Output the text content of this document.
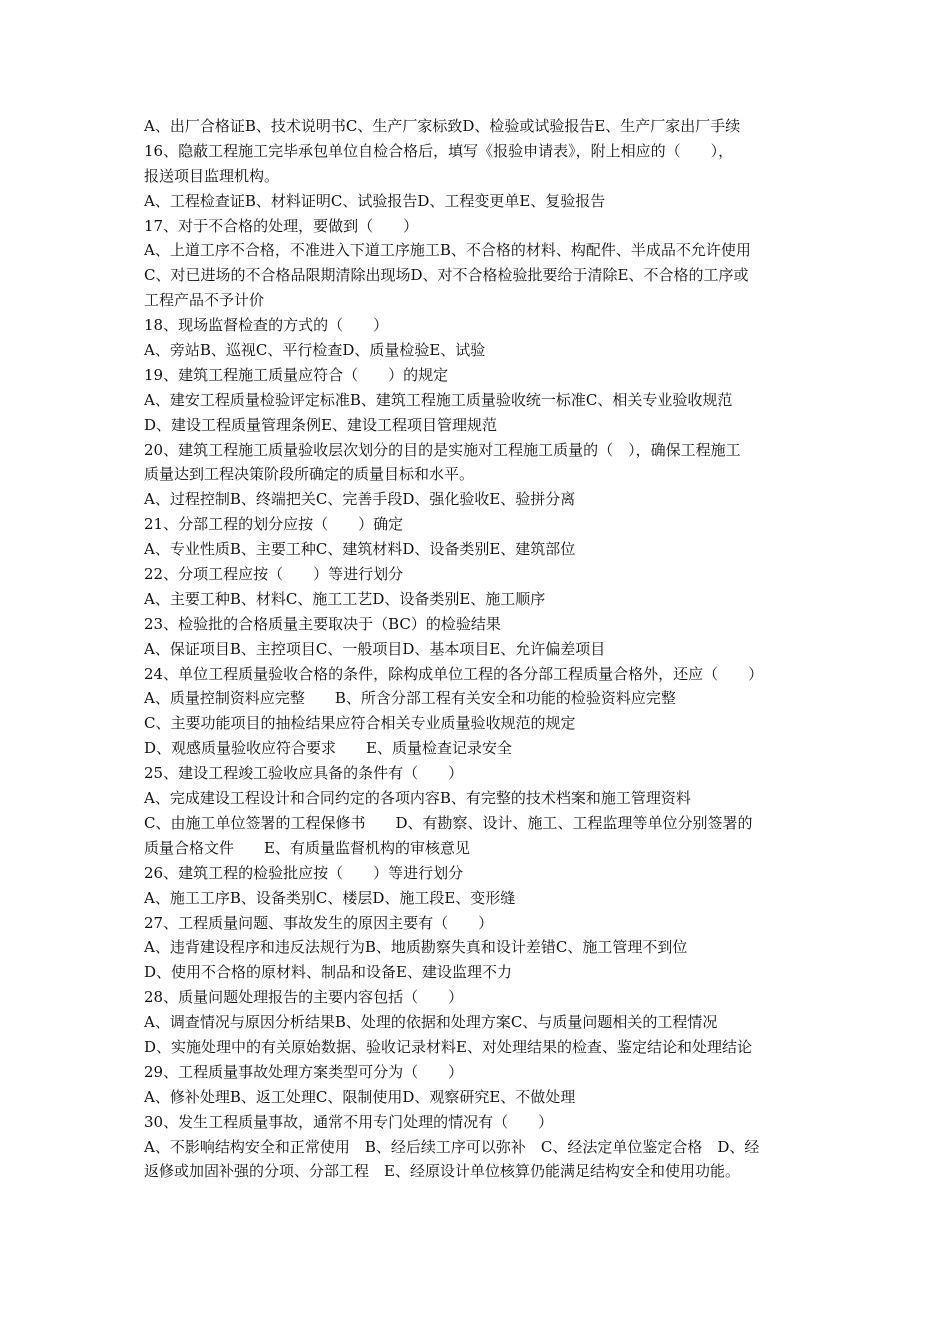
A、出厂合格证B、技术说明书C、生产厂家标致D、检验或试验报告E、生产厂家出厂手续
16、隐蔽工程施工完毕承包单位自检合格后，填写《报验申请表》，附上相应的（　　），
报送项目监理机构。
A、工程检查证B、材料证明C、试验报告D、工程变更单E、复验报告
17、对于不合格的处理，要做到（　　）
A、上道工序不合格，不准进入下道工序施工B、不合格的材料、构配件、半成品不允许使用
C、对已进场的不合格品限期清除出现场D、对不合格检验批要给于清除E、不合格的工序或
工程产品不予计价
18、现场监督检查的方式的（　　）
A、旁站B、巡视C、平行检查D、质量检验E、试验
19、建筑工程施工质量应符合（　　）的规定
A、建安工程质量检验评定标准B、建筑工程施工质量验收统一标准C、相关专业验收规范
D、建设工程质量管理条例E、建设工程项目管理规范
20、建筑工程施工质量验收层次划分的目的是实施对工程施工质量的（　），确保工程施工
质量达到工程决策阶段所确定的质量目标和水平。
A、过程控制B、终端把关C、完善手段D、强化验收E、验拼分离
21、分部工程的划分应按（　　）确定
A、专业性质B、主要工种C、建筑材料D、设备类别E、建筑部位
22、分项工程应按（　　）等进行划分
A、主要工种B、材料C、施工工艺D、设备类别E、施工顺序
23、检验批的合格质量主要取决于（BC）的检验结果
A、保证项目B、主控项目C、一般项目D、基本项目E、允许偏差项目
24、单位工程质量验收合格的条件，除构成单位工程的各分部工程质量合格外，还应（　　）
A、质量控制资料应完整　　B、所含分部工程有关安全和功能的检验资料应完整
C、主要功能项目的抽检结果应符合相关专业质量验收规范的规定
D、观感质量验收应符合要求　　E、质量检查记录安全
25、建设工程竣工验收应具备的条件有（　　）
A、完成建设工程设计和合同约定的各项内容B、有完整的技术档案和施工管理资料
C、由施工单位签署的工程保修书　　D、有勘察、设计、施工、工程监理等单位分别签署的
质量合格文件　　E、有质量监督机构的审核意见
26、建筑工程的检验批应按（　　）等进行划分
A、施工工序B、设备类别C、楼层D、施工段E、变形缝
27、工程质量问题、事故发生的原因主要有（　　）
A、违背建设程序和违反法规行为B、地质勘察失真和设计差错C、施工管理不到位
D、使用不合格的原材料、制品和设备E、建设监理不力
28、质量问题处理报告的主要内容包括（　　）
A、调查情况与原因分析结果B、处理的依据和处理方案C、与质量问题相关的工程情况
D、实施处理中的有关原始数据、验收记录材料E、对处理结果的检查、鉴定结论和处理结论
29、工程质量事故处理方案类型可分为（　　）
A、修补处理B、返工处理C、限制使用D、观察研究E、不做处理
30、发生工程质量事故，通常不用专门处理的情况有（　　）
A、不影响结构安全和正常使用　B、经后续工序可以弥补　C、经法定单位鉴定合格　D、经
返修或加固补强的分项、分部工程　E、经原设计单位核算仍能满足结构安全和使用功能。
